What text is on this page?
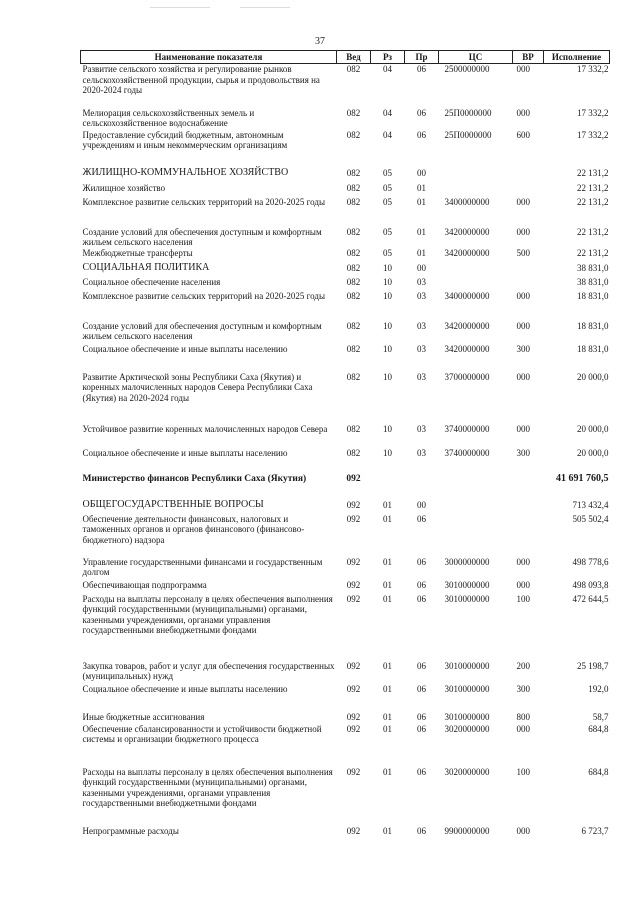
37
Наименование показателя	Вед	Рз	Пр	ЦС	ВР	Исполнение
Развитие сельского хозяйства и регулирование рынков сельскохозяйственной продукции, сырья и продовольствия на 2020-2024 годы	082	04	06	2500000000	000	17 332,2
Мелиорация сельскохозяйственных земель и сельскохозяйственное водоснабжение	082	04	06	25П0000000	000	17 332,2
Предоставление субсидий бюджетным, автономным учреждениям и иным некоммерческим организациям	082	04	06	25П0000000	600	17 332,2
ЖИЛИЩНО-КОММУНАЛЬНОЕ ХОЗЯЙСТВО	082	05	00			22 131,2
Жилищное хозяйство	082	05	01			22 131,2
Комплексное развитие сельских территорий на 2020-2025 годы	082	05	01	3400000000	000	22 131,2
Создание условий для обеспечения доступным и комфортным жильем сельского населения	082	05	01	3420000000	000	22 131,2
Межбюджетные трансферты	082	05	01	3420000000	500	22 131,2
СОЦИАЛЬНАЯ ПОЛИТИКА	082	10	00			38 831,0
Социальное обеспечение населения	082	10	03			38 831,0
Комплексное развитие сельских территорий на 2020-2025 годы	082	10	03	3400000000	000	18 831,0
Создание условий для обеспечения доступным и комфортным жильем сельского населения	082	10	03	3420000000	000	18 831,0
Социальное обеспечение и иные выплаты населению	082	10	03	3420000000	300	18 831,0
Развитие Арктической зоны Республики Саха (Якутия) и коренных малочисленных народов Севера Республики Саха (Якутия) на 2020-2024 годы	082	10	03	3700000000	000	20 000,0
Устойчивое развитие коренных малочисленных народов Севера	082	10	03	3740000000	000	20 000,0
Социальное обеспечение и иные выплаты населению	082	10	03	3740000000	300	20 000,0
Министерство финансов Республики Саха (Якутия)	092					41 691 760,5
ОБЩЕГОСУДАРСТВЕННЫЕ ВОПРОСЫ	092	01	00			713 432,4
Обеспечение деятельности финансовых, налоговых и таможенных органов и органов финансового (финансово-бюджетного) надзора	092	01	06			505 502,4
Управление государственными финансами и государственным долгом	092	01	06	3000000000	000	498 778,6
Обеспечивающая подпрограмма	092	01	06	3010000000	000	498 093,8
Расходы на выплаты персоналу в целях обеспечения выполнения функций государственными (муниципальными) органами, казенными учреждениями, органами управления государственными внебюджетными фондами	092	01	06	3010000000	100	472 644,5
Закупка товаров, работ и услуг для обеспечения государственных (муниципальных) нужд	092	01	06	3010000000	200	25 198,7
Социальное обеспечение и иные выплаты населению	092	01	06	3010000000	300	192,0
Иные бюджетные ассигнования	092	01	06	3010000000	800	58,7
Обеспечение сбалансированности и устойчивости бюджетной системы и организации бюджетного процесса	092	01	06	3020000000	000	684,8
Расходы на выплаты персоналу в целях обеспечения выполнения функций государственными (муниципальными) органами, казенными учреждениями, органами управления государственными внебюджетными фондами	092	01	06	3020000000	100	684,8
Непрограммные расходы	092	01	06	9900000000	000	6 723,7
